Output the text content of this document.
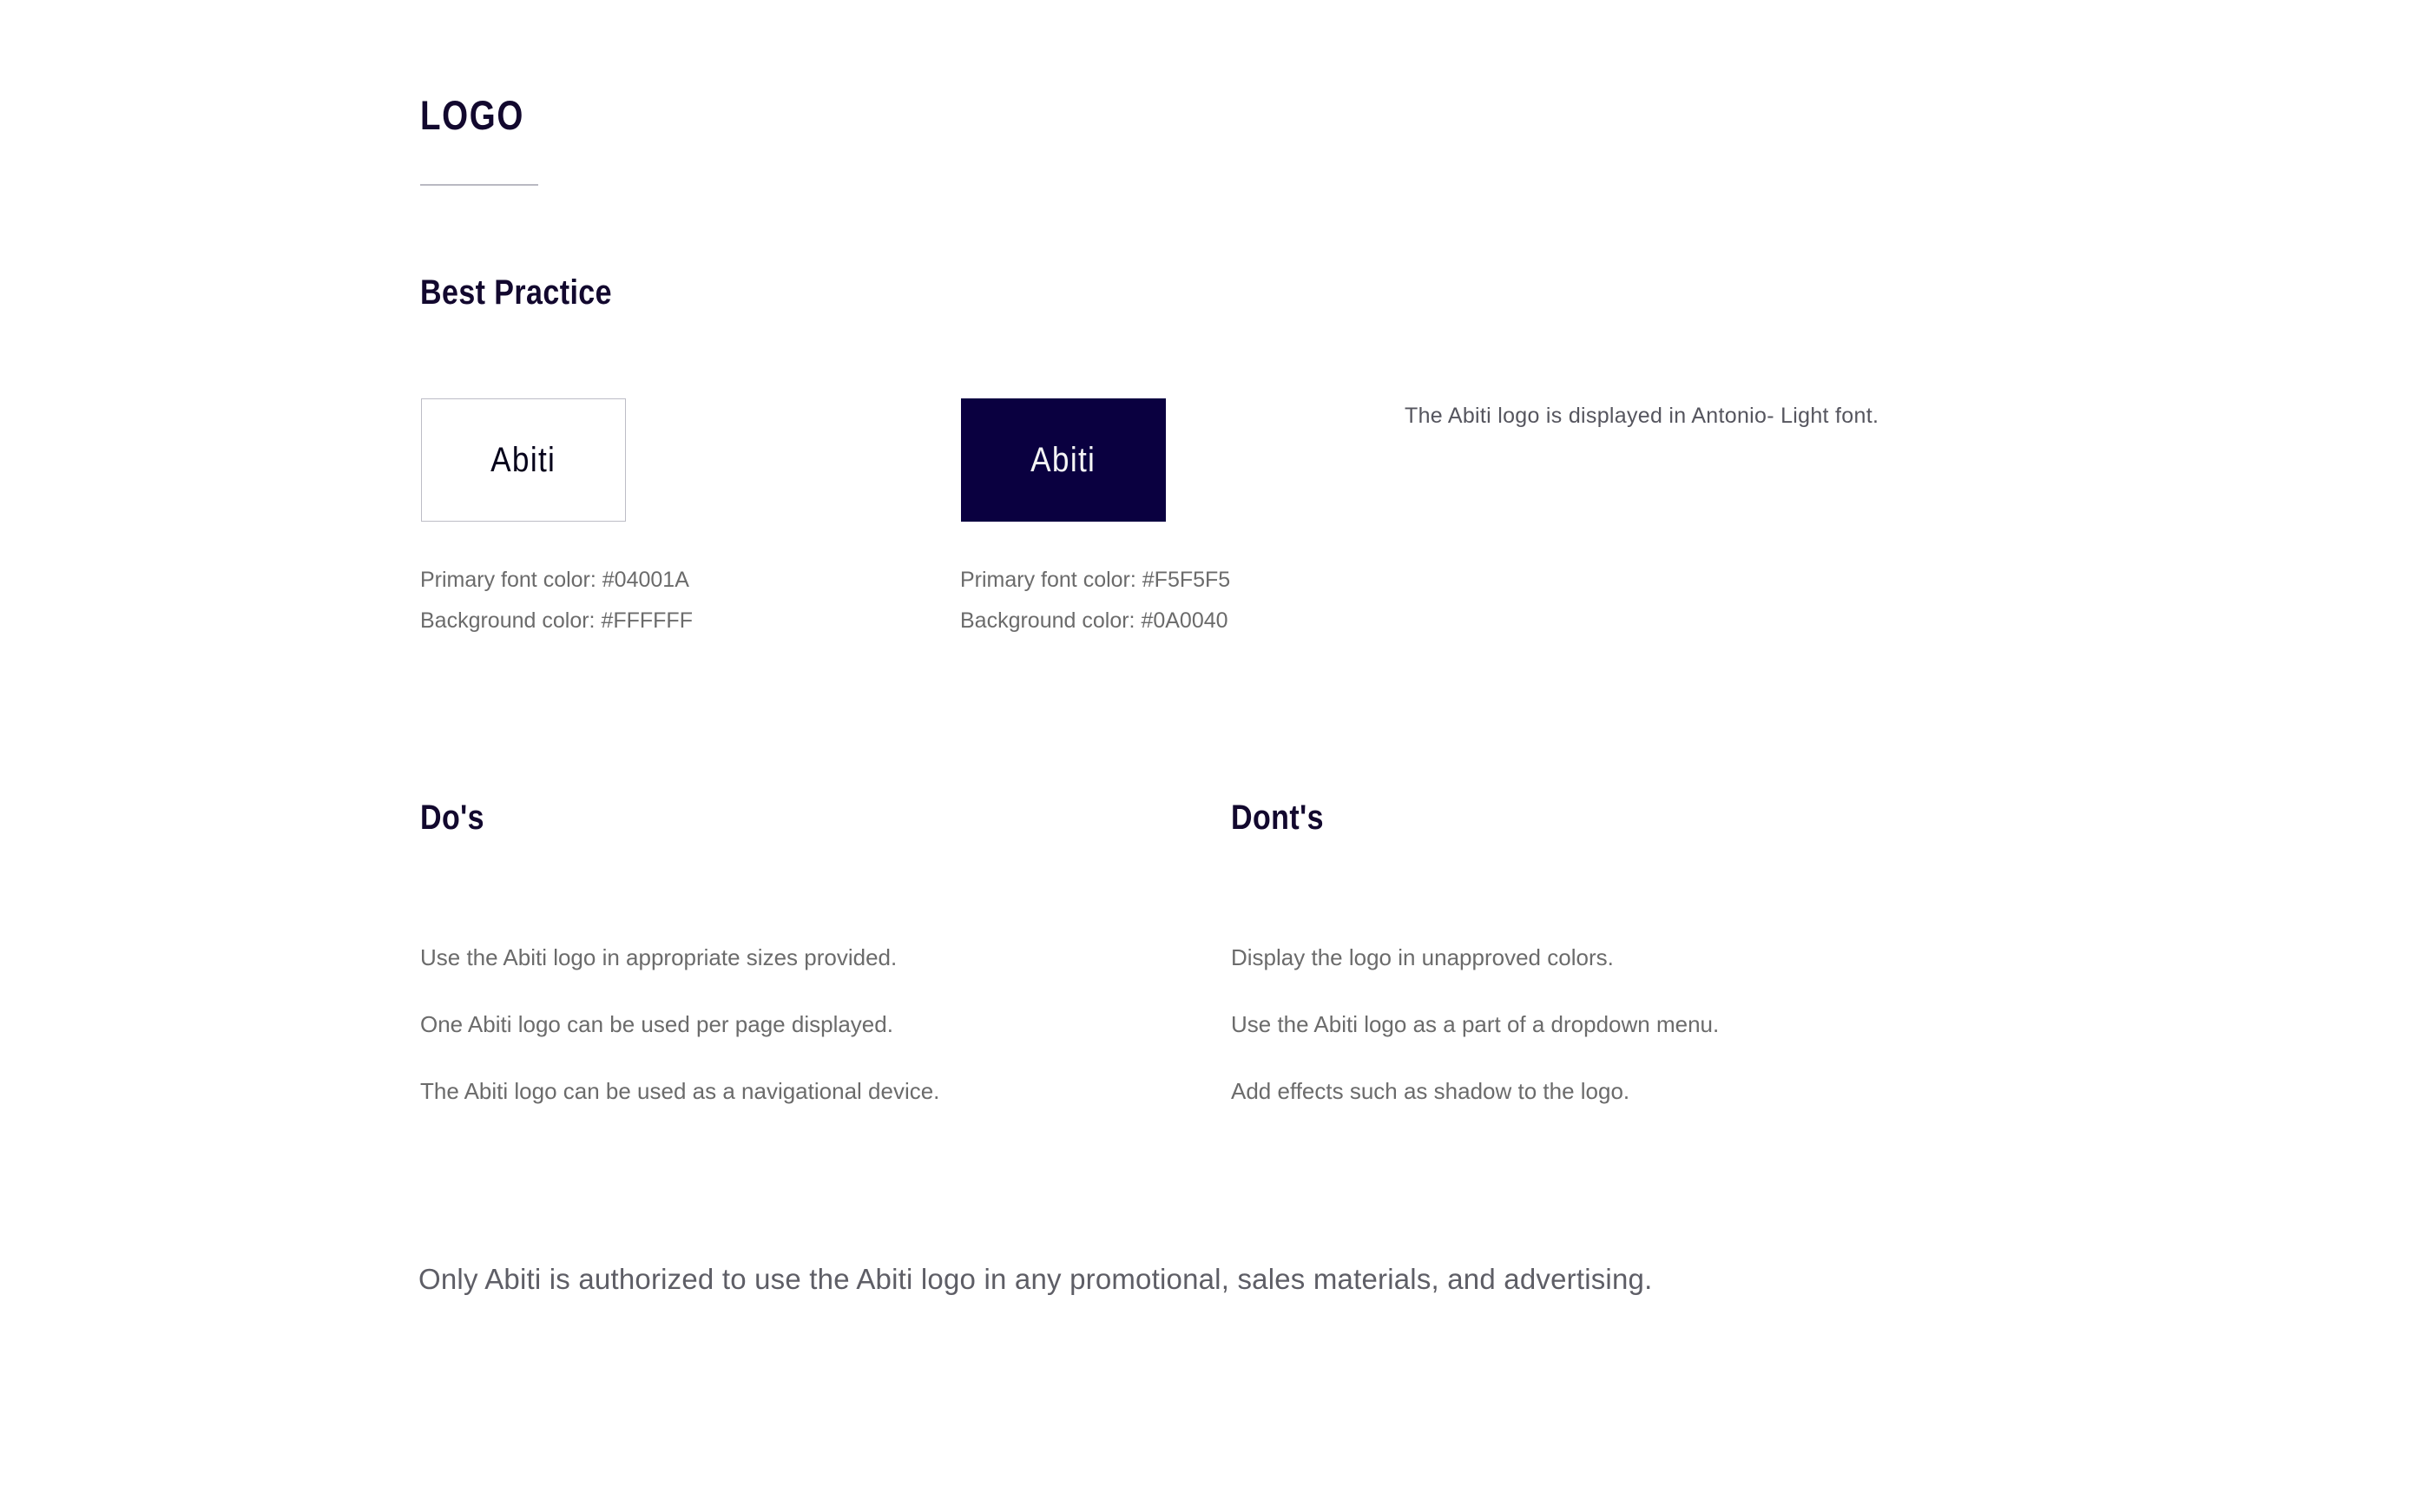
LOGO
Best Practice
Abiti	Abiti
Primary font color: #04001A
Background color: #FFFFFF
Primary font color: #F5F5F5
Background color: #0A0040
The Abiti logo is displayed in Antonio- Light font.
Do's
Use the Abiti logo in appropriate sizes provided.
One Abiti logo can be used per page displayed.
The Abiti logo can be used as a navigational device.
Dont's
Display the logo in unapproved colors.
Use the Abiti logo as a part of a dropdown menu.
Add effects such as shadow to the logo.
Only Abiti is authorized to use the Abiti logo in any promotional, sales materials, and advertising.
